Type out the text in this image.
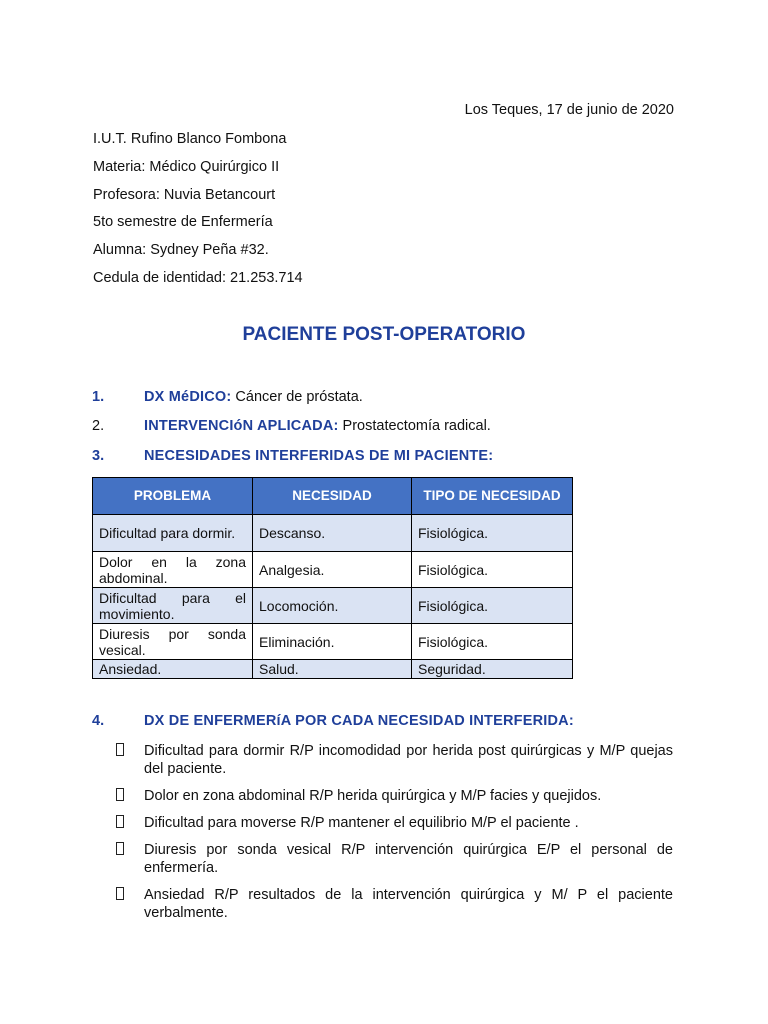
Los Teques, 17 de junio de 2020
I.U.T. Rufino Blanco Fombona
Materia: Médico Quirúrgico II
Profesora: Nuvia Betancourt
5to semestre de Enfermería
Alumna: Sydney Peña #32.
Cedula de identidad: 21.253.714
PACIENTE POST-OPERATORIO
1.	DX MéDICO: Cáncer de próstata.
2.	INTERVENCIóN APLICADA: Prostatectomía radical.
3.	NECESIDADES INTERFERIDAS DE MI PACIENTE:
PROBLEMA	NECESIDAD	TIPO DE NECESIDAD
Dificultad para dormir.	Descanso.	Fisiológica.
Dolor en la zona abdominal.	Analgesia.	Fisiológica.
Dificultad para el movimiento.	Locomoción.	Fisiológica.
Diuresis por sonda vesical.	Eliminación.	Fisiológica.
Ansiedad.	Salud.	Seguridad.
4.	DX DE ENFERMERíA POR CADA NECESIDAD INTERFERIDA:
Dificultad para dormir R/P incomodidad por herida post quirúrgicas y M/P quejas del paciente.
Dolor en zona abdominal R/P herida quirúrgica y M/P facies y quejidos.
Dificultad para moverse R/P mantener el equilibrio M/P el paciente .
Diuresis por sonda vesical R/P intervención quirúrgica E/P el personal de enfermería.
Ansiedad R/P resultados de la intervención quirúrgica y M/ P el paciente verbalmente.
